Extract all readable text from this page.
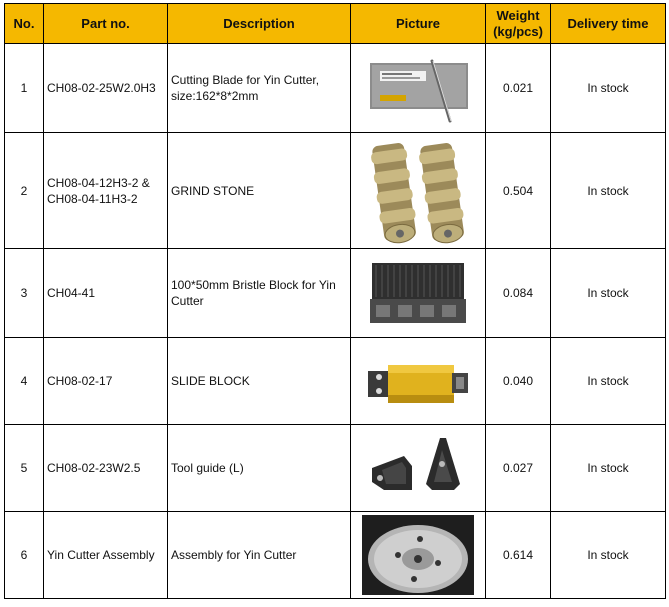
No.	Part no.	Description	Picture	Weight (kg/pcs)	Delivery time
1	CH08-02-25W2.0H3	Cutting Blade for Yin Cutter, size:162*8*2mm		0.021	In stock
2	CH08-04-12H3-2 & CH08-04-11H3-2	GRIND STONE		0.504	In stock
3	CH04-41	100*50mm Bristle Block for Yin Cutter		0.084	In stock
4	CH08-02-17	SLIDE BLOCK		0.040	In stock
5	CH08-02-23W2.5	Tool guide (L)		0.027	In stock
6	Yin Cutter Assembly	Assembly for Yin Cutter		0.614	In stock
